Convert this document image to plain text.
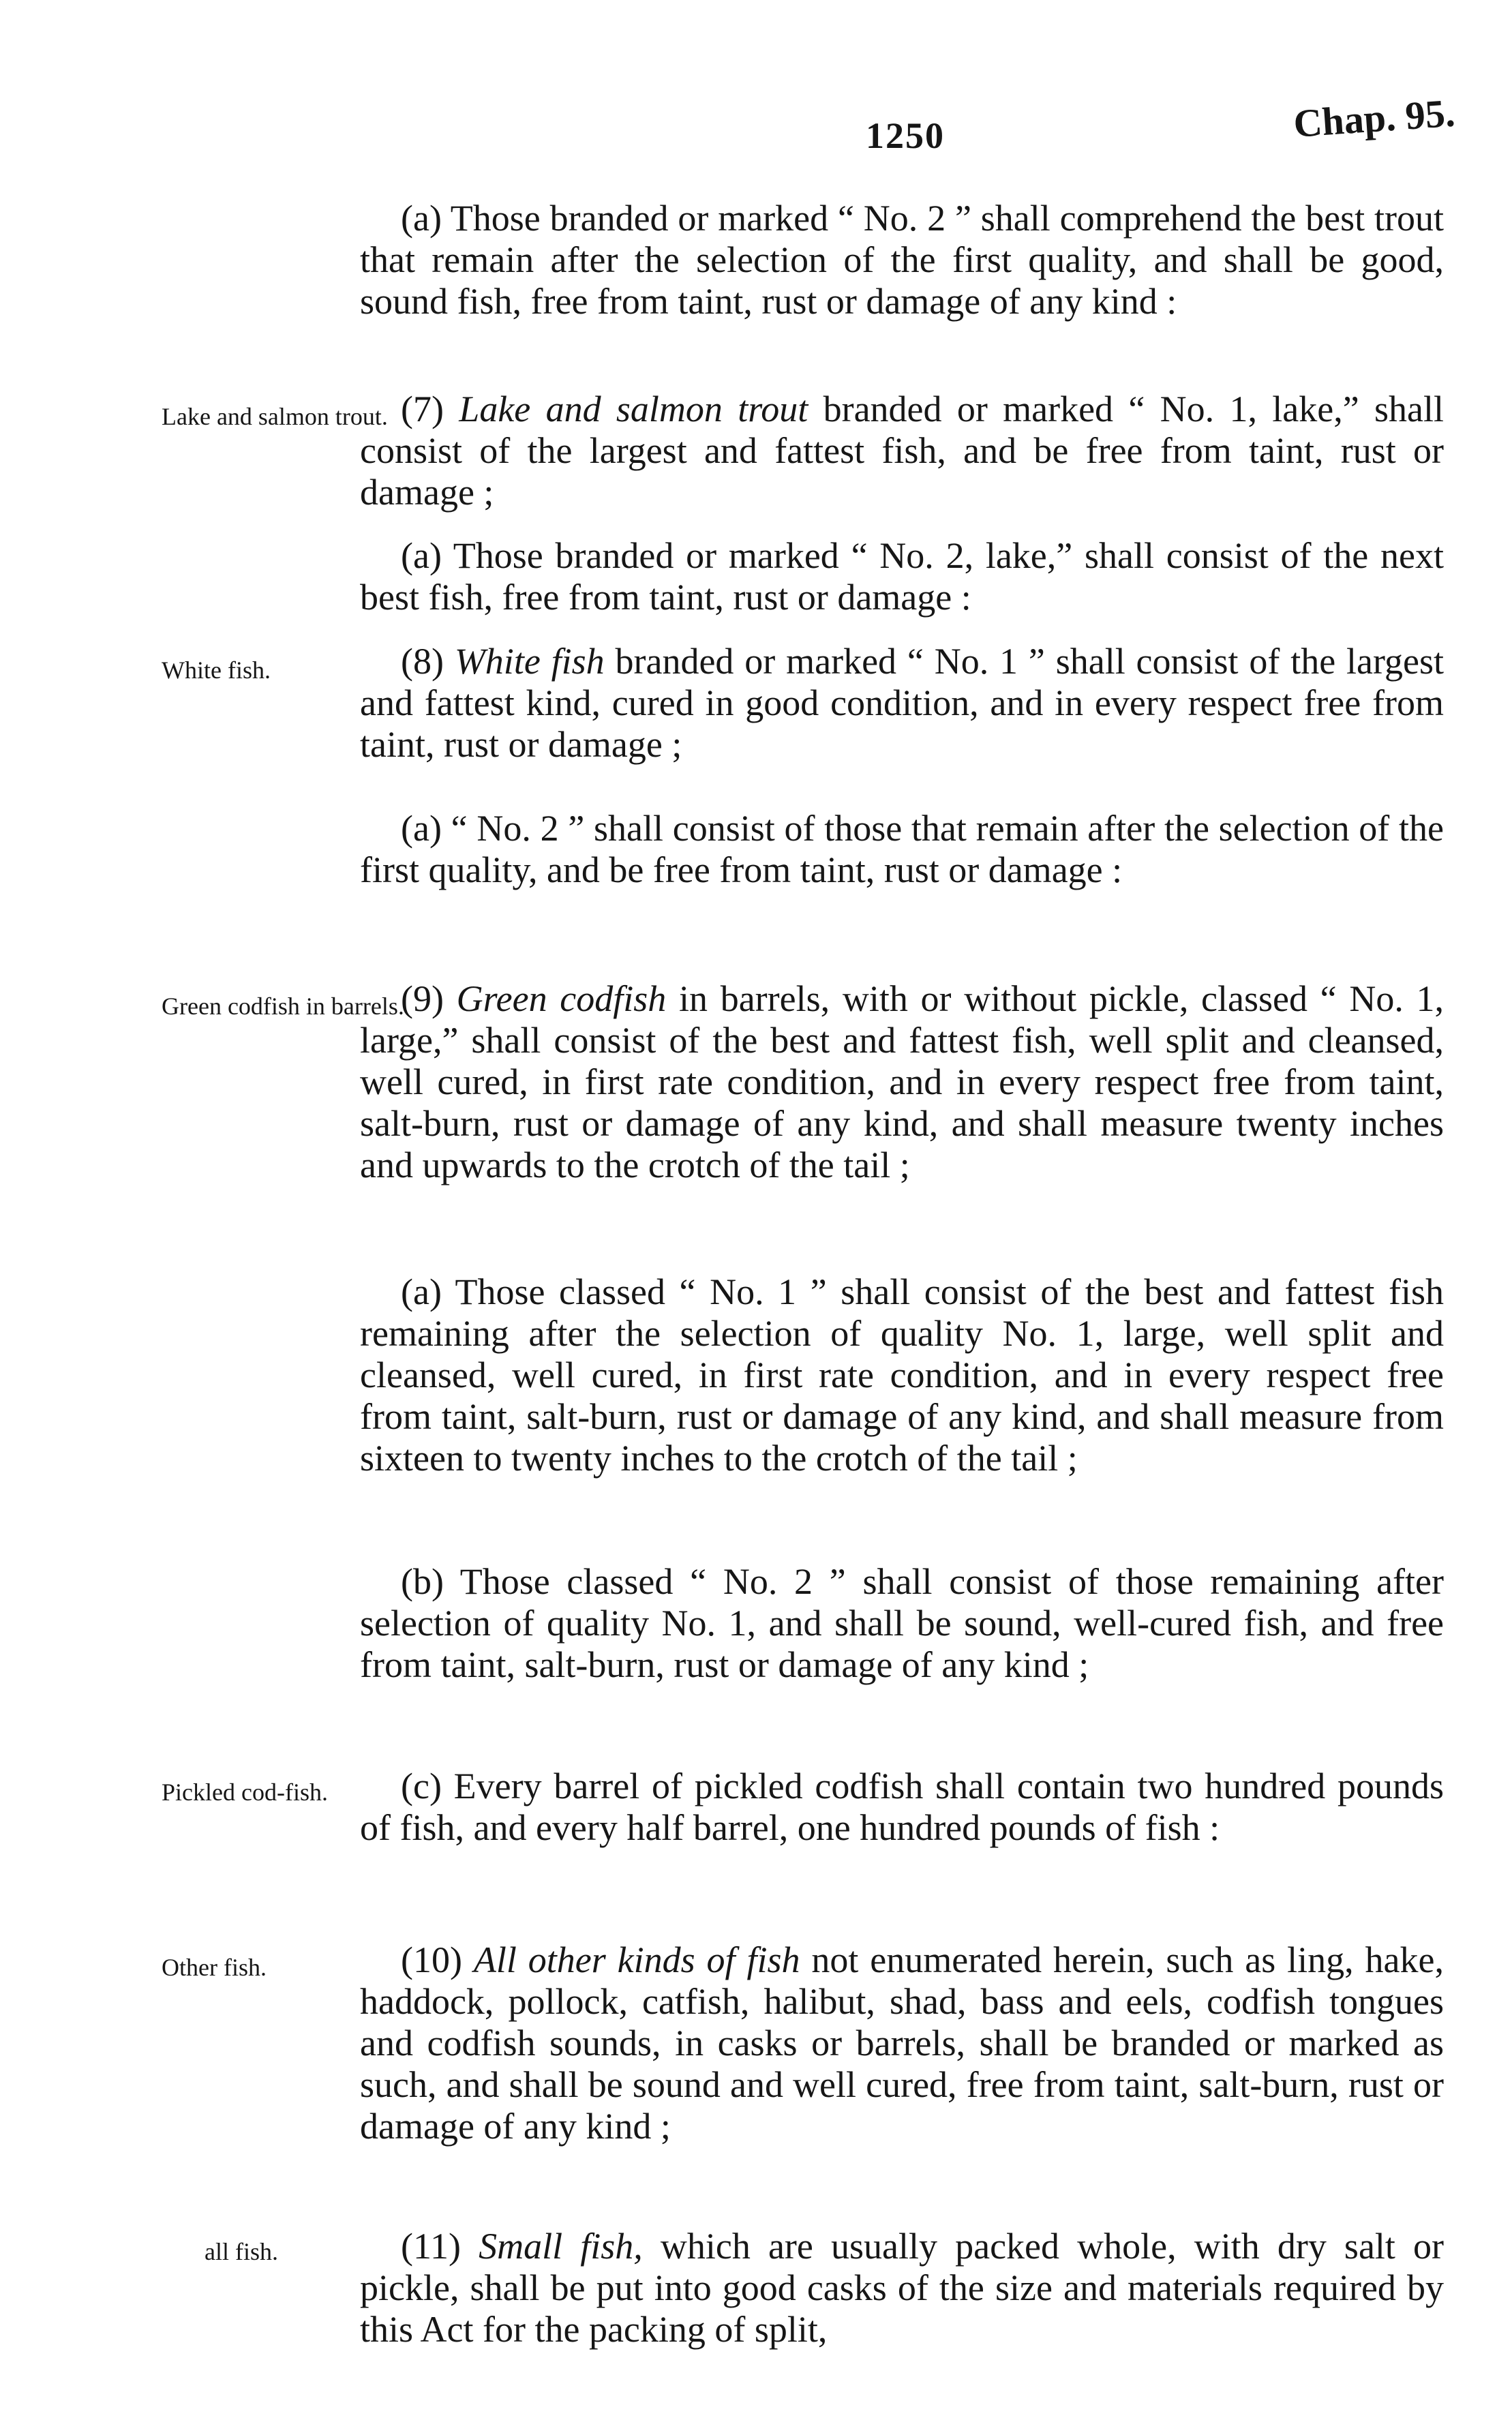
1250	Chap. 95.
Lake and salmon trout.
White fish.
Green codfish in barrels.
Pickled cod-fish.
Other fish.
all fish.
(a) Those branded or marked “ No. 2 ” shall comprehend the best trout that remain after the selection of the first quality, and shall be good, sound fish, free from taint, rust or damage of any kind :
(7) Lake and salmon trout branded or marked “ No. 1, lake,” shall consist of the largest and fattest fish, and be free from taint, rust or damage ;
(a) Those branded or marked “ No. 2, lake,” shall consist of the next best fish, free from taint, rust or damage :
(8) White fish branded or marked “ No. 1 ” shall consist of the largest and fattest kind, cured in good condition, and in every respect free from taint, rust or damage ;
(a) “ No. 2 ” shall consist of those that remain after the selection of the first quality, and be free from taint, rust or damage :
(9) Green codfish in barrels, with or without pickle, classed “ No. 1, large,” shall consist of the best and fattest fish, well split and cleansed, well cured, in first rate condition, and in every respect free from taint, salt-burn, rust or damage of any kind, and shall measure twenty inches and upwards to the crotch of the tail ;
(a) Those classed “ No. 1 ” shall consist of the best and fattest fish remaining after the selection of quality No. 1, large, well split and cleansed, well cured, in first rate condition, and in every respect free from taint, salt-burn, rust or damage of any kind, and shall measure from sixteen to twenty inches to the crotch of the tail ;
(b) Those classed “ No. 2 ” shall consist of those remaining after selection of quality No. 1, and shall be sound, well-cured fish, and free from taint, salt-burn, rust or damage of any kind ;
(c) Every barrel of pickled codfish shall contain two hundred pounds of fish, and every half barrel, one hundred pounds of fish :
(10) All other kinds of fish not enumerated herein, such as ling, hake, haddock, pollock, catfish, halibut, shad, bass and eels, codfish tongues and codfish sounds, in casks or barrels, shall be branded or marked as such, and shall be sound and well cured, free from taint, salt-burn, rust or damage of any kind ;
(11) Small fish, which are usually packed whole, with dry salt or pickle, shall be put into good casks of the size and materials required by this Act for the packing of split,
